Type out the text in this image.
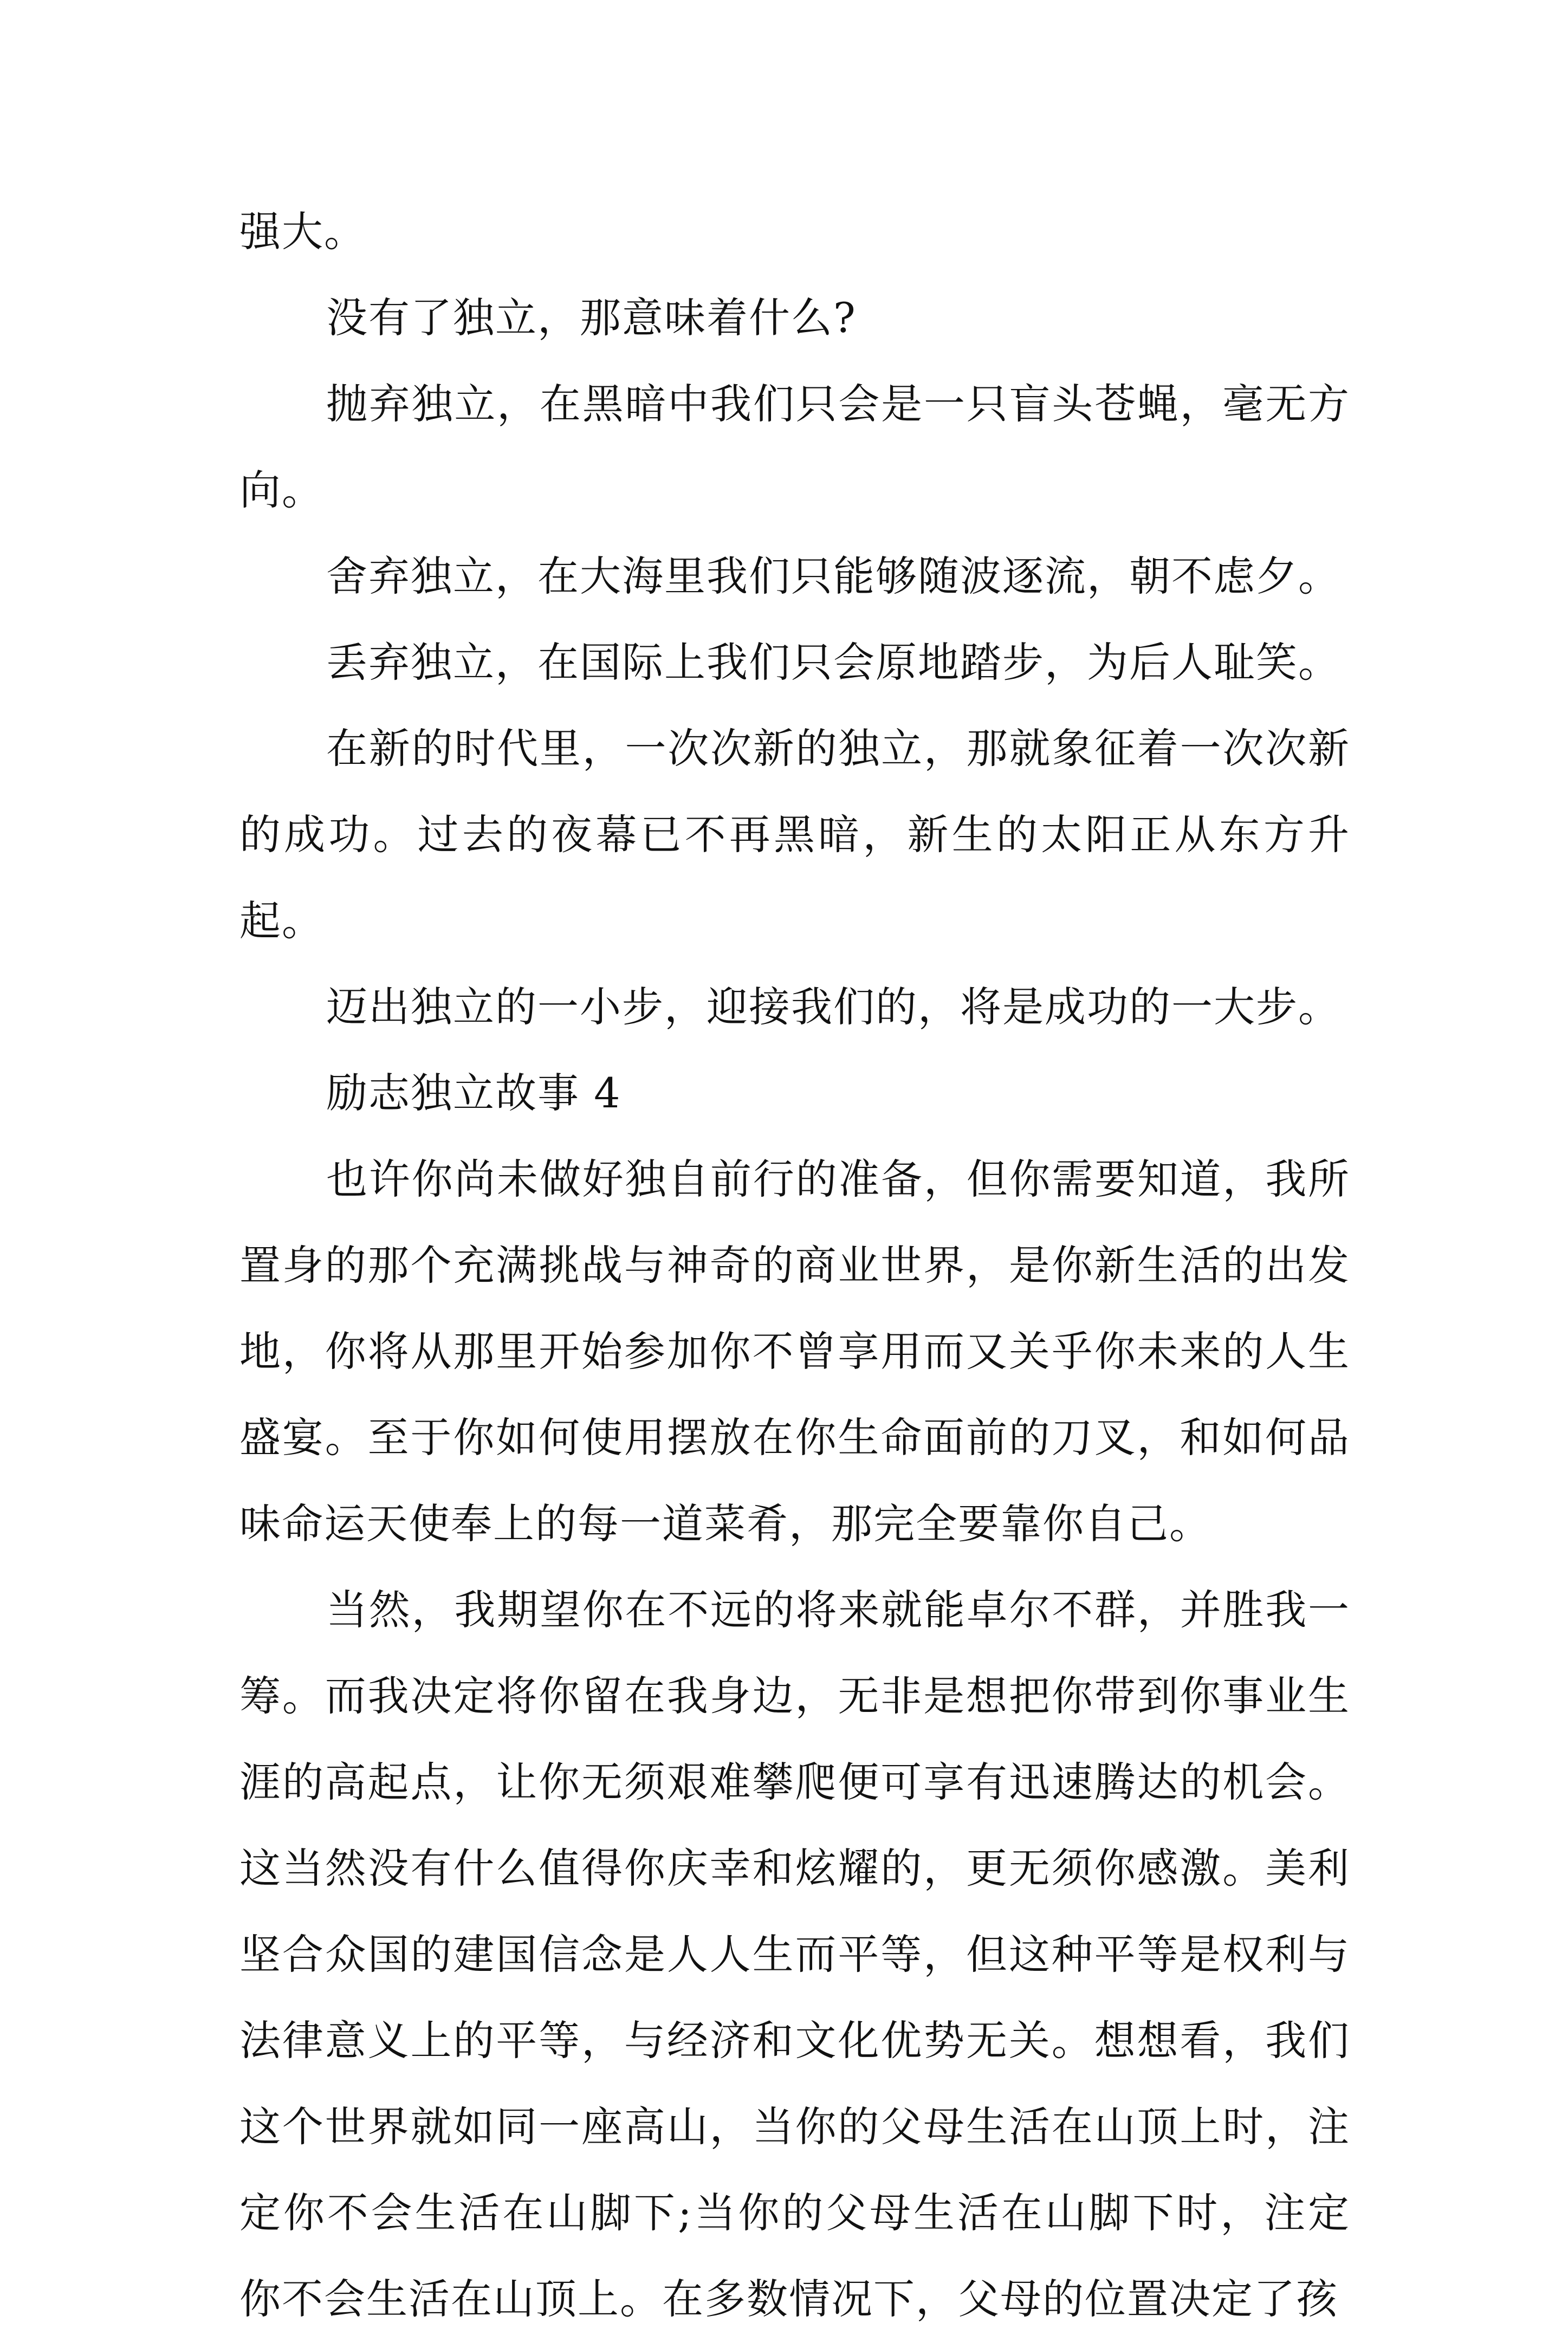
强大。

没有了独立，那意味着什么?

抛弃独立，在黑暗中我们只会是一只盲头苍蝇，毫无方向。

舍弃独立，在大海里我们只能够随波逐流，朝不虑夕。

丢弃独立，在国际上我们只会原地踏步，为后人耻笑。

在新的时代里，一次次新的独立，那就象征着一次次新的成功。过去的夜幕已不再黑暗，新生的太阳正从东方升起。

迈出独立的一小步，迎接我们的，将是成功的一大步。

励志独立故事 4

也许你尚未做好独自前行的准备，但你需要知道，我所置身的那个充满挑战与神奇的商业世界，是你新生活的出发地，你将从那里开始参加你不曾享用而又关乎你未来的人生盛宴。至于你如何使用摆放在你生命面前的刀叉，和如何品味命运天使奉上的每一道菜肴，那完全要靠你自己。

当然，我期望你在不远的将来就能卓尔不群，并胜我一筹。而我决定将你留在我身边，无非是想把你带到你事业生涯的高起点，让你无须艰难攀爬便可享有迅速腾达的机会。这当然没有什么值得你庆幸和炫耀的，更无须你感激。美利坚合众国的建国信念是人人生而平等，但这种平等是权利与法律意义上的平等，与经济和文化优势无关。想想看，我们这个世界就如同一座高山，当你的父母生活在山顶上时，注定你不会生活在山脚下;当你的父母生活在山脚下时，注定你不会生活在山顶上。在多数情况下，父母的位置决定了孩
